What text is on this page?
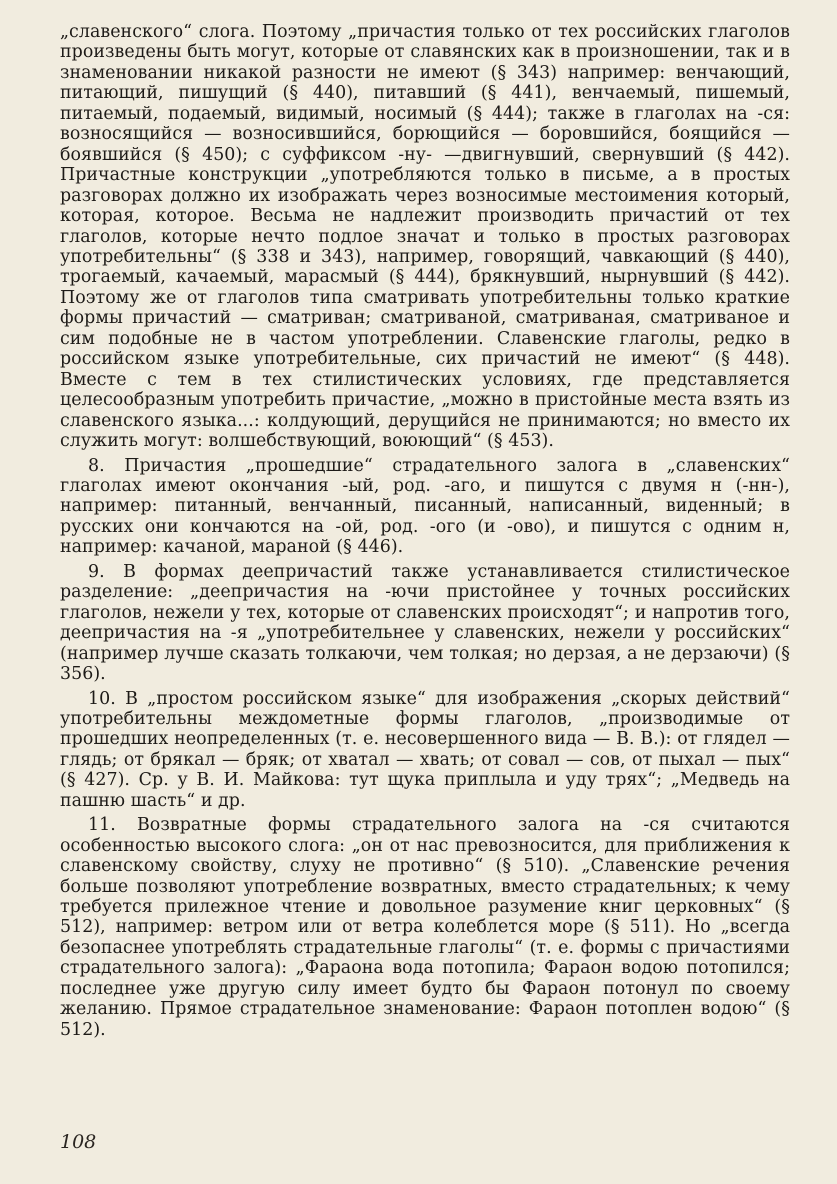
„славенского“ слога. Поэтому „причастия только от тех российских глаголов произведены быть могут, которые от славянских как в произношении, так и в знаменовании никакой разности не имеют (§ 343) например: венчающий, питающий, пишущий (§ 440), питавший (§ 441), венчаемый, пишемый, питаемый, подаемый, видимый, носимый (§ 444); также в глаголах на -ся: возносящийся — возносившийся, борющийся — боровшийся, боящийся — боявшийся (§ 450); с суффиксом -ну- —двигнувший, свернувший (§ 442). Причастные конструкции „употребляются только в письме, а в простых разговорах должно их изображать через возносимые местоимения который, которая, которое. Весьма не надлежит производить причастий от тех глаголов, которые нечто подлое значат и только в простых разговорах употребительны“ (§ 338 и 343), например, говорящий, чавкающий (§ 440), трогаемый, качаемый, марасмый (§ 444), брякнувший, нырнувший (§ 442). Поэтому же от глаголов типа сматривать употребительны только краткие формы причастий — сматриван; сматриваной, сматриваная, сматриваное и сим подобные не в частом употреблении. Славенские глаголы, редко в российском языке употребительные, сих причастий не имеют“ (§ 448). Вместе с тем в тех стилистических условиях, где представляется целесообразным употребить причастие, „можно в пристойные места взять из славенского языка...: колдующий, дерущийся не принимаются; но вместо их служить могут: волшебствующий, воюющий“ (§ 453).

8. Причастия „прошедшие“ страдательного залога в „славенских“ глаголах имеют окончания -ый, род. -аго, и пишутся с двумя н (-нн-), например: питанный, венчанный, писанный, написанный, виденный; в русских они кончаются на -ой, род. -ого (и -ово), и пишутся с одним н, например: качаной, мараной (§ 446).

9. В формах деепричастий также устанавливается стилистическое разделение: „деепричастия на -ючи пристойнее у точных российских глаголов, нежели у тех, которые от славенских происходят“; и напротив того, деепричастия на -я „употребительнее у славенских, нежели у российских“ (например лучше сказать толкаючи, чем толкая; но дерзая, а не дерзаючи) (§ 356).

10. В „простом российском языке“ для изображения „скорых действий“ употребительны междометные формы глаголов, „производимые от прошедших неопределенных (т. е. несовершенного вида — В. В.): от глядел — глядь; от брякал — бряк; от хватал — хвать; от совал — сов, от пыхал — пых“ (§ 427). Ср. у В. И. Майкова: тут щука приплыла и уду трях“; „Медведь на пашню шасть“ и др.

11. Возвратные формы страдательного залога на -ся считаются особенностью высокого слога: „он от нас превозносится, для приближения к славенскому свойству, слуху не противно“ (§ 510). „Славенские речения больше позволяют употребление возвратных, вместо страдательных; к чему требуется прилежное чтение и довольное разумение книг церковных“ (§ 512), например: ветром или от ветра колеблется море (§ 511). Но „всегда безопаснее употреблять страдательные глаголы“ (т. е. формы с причастиями страдательного залога): „Фараона вода потопила; Фараон водою потопился; последнее уже другую силу имеет будто бы Фараон потонул по своему желанию. Прямое страдательное знаменование: Фараон потоплен водою“ (§ 512).

108
